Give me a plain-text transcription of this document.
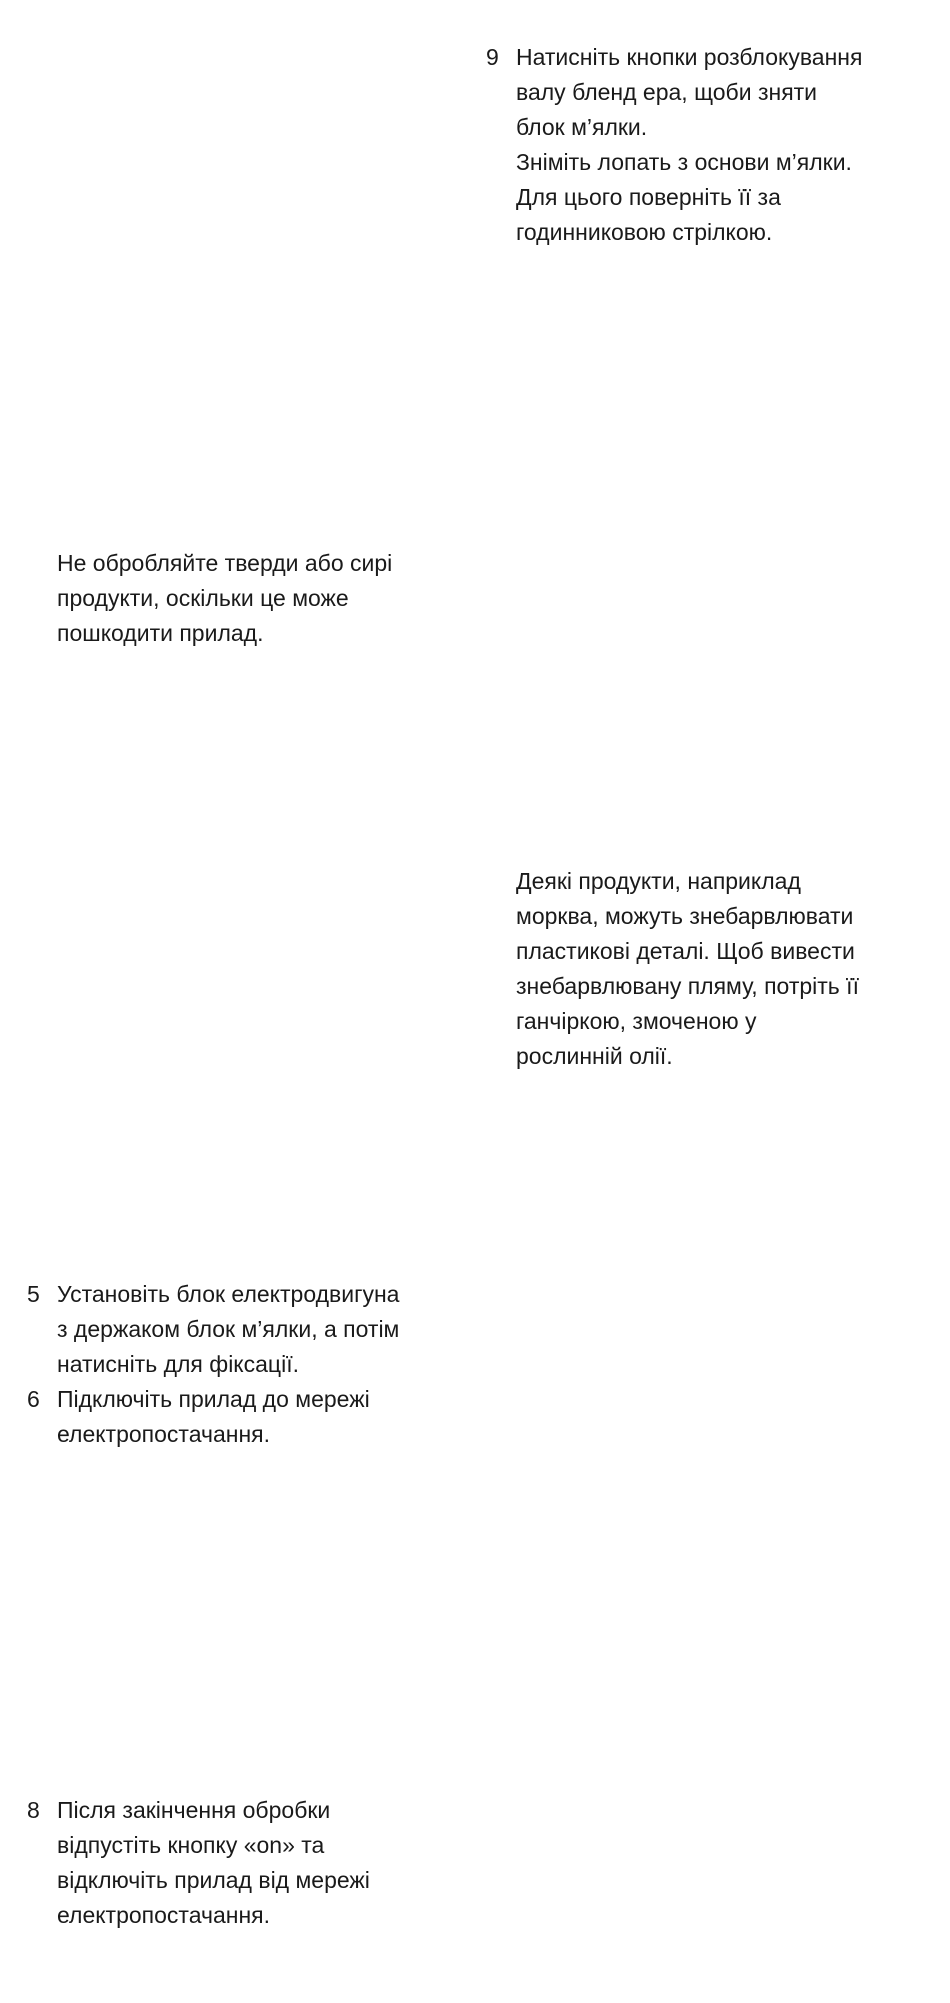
9 Натисніть кнопки розблокування
валу бленд ера, щоби зняти
блок м’ялки.
Зніміть лопать з основи м’ялки.
Для цього поверніть її за
годинниковою стрілкою.
Не обробляйте тверди або сирі
продукти, оскільки це може
пошкодити прилад.
Деякі продукти, наприклад
морква, можуть знебарвлювати
пластикові деталі. Щоб вивести
знебарвлювану пляму, потріть її
ганчіркою, змоченою у
рослинній олії.
5 Установіть блок електродвигуна
з держаком блок м’ялки, а потім
натисніть для фіксації.
6 Підключіть прилад до мережі
електропостачання.
8 Після закінчення обробки
відпустіть кнопку «on» та
відключіть прилад від мережі
електропостачання.
